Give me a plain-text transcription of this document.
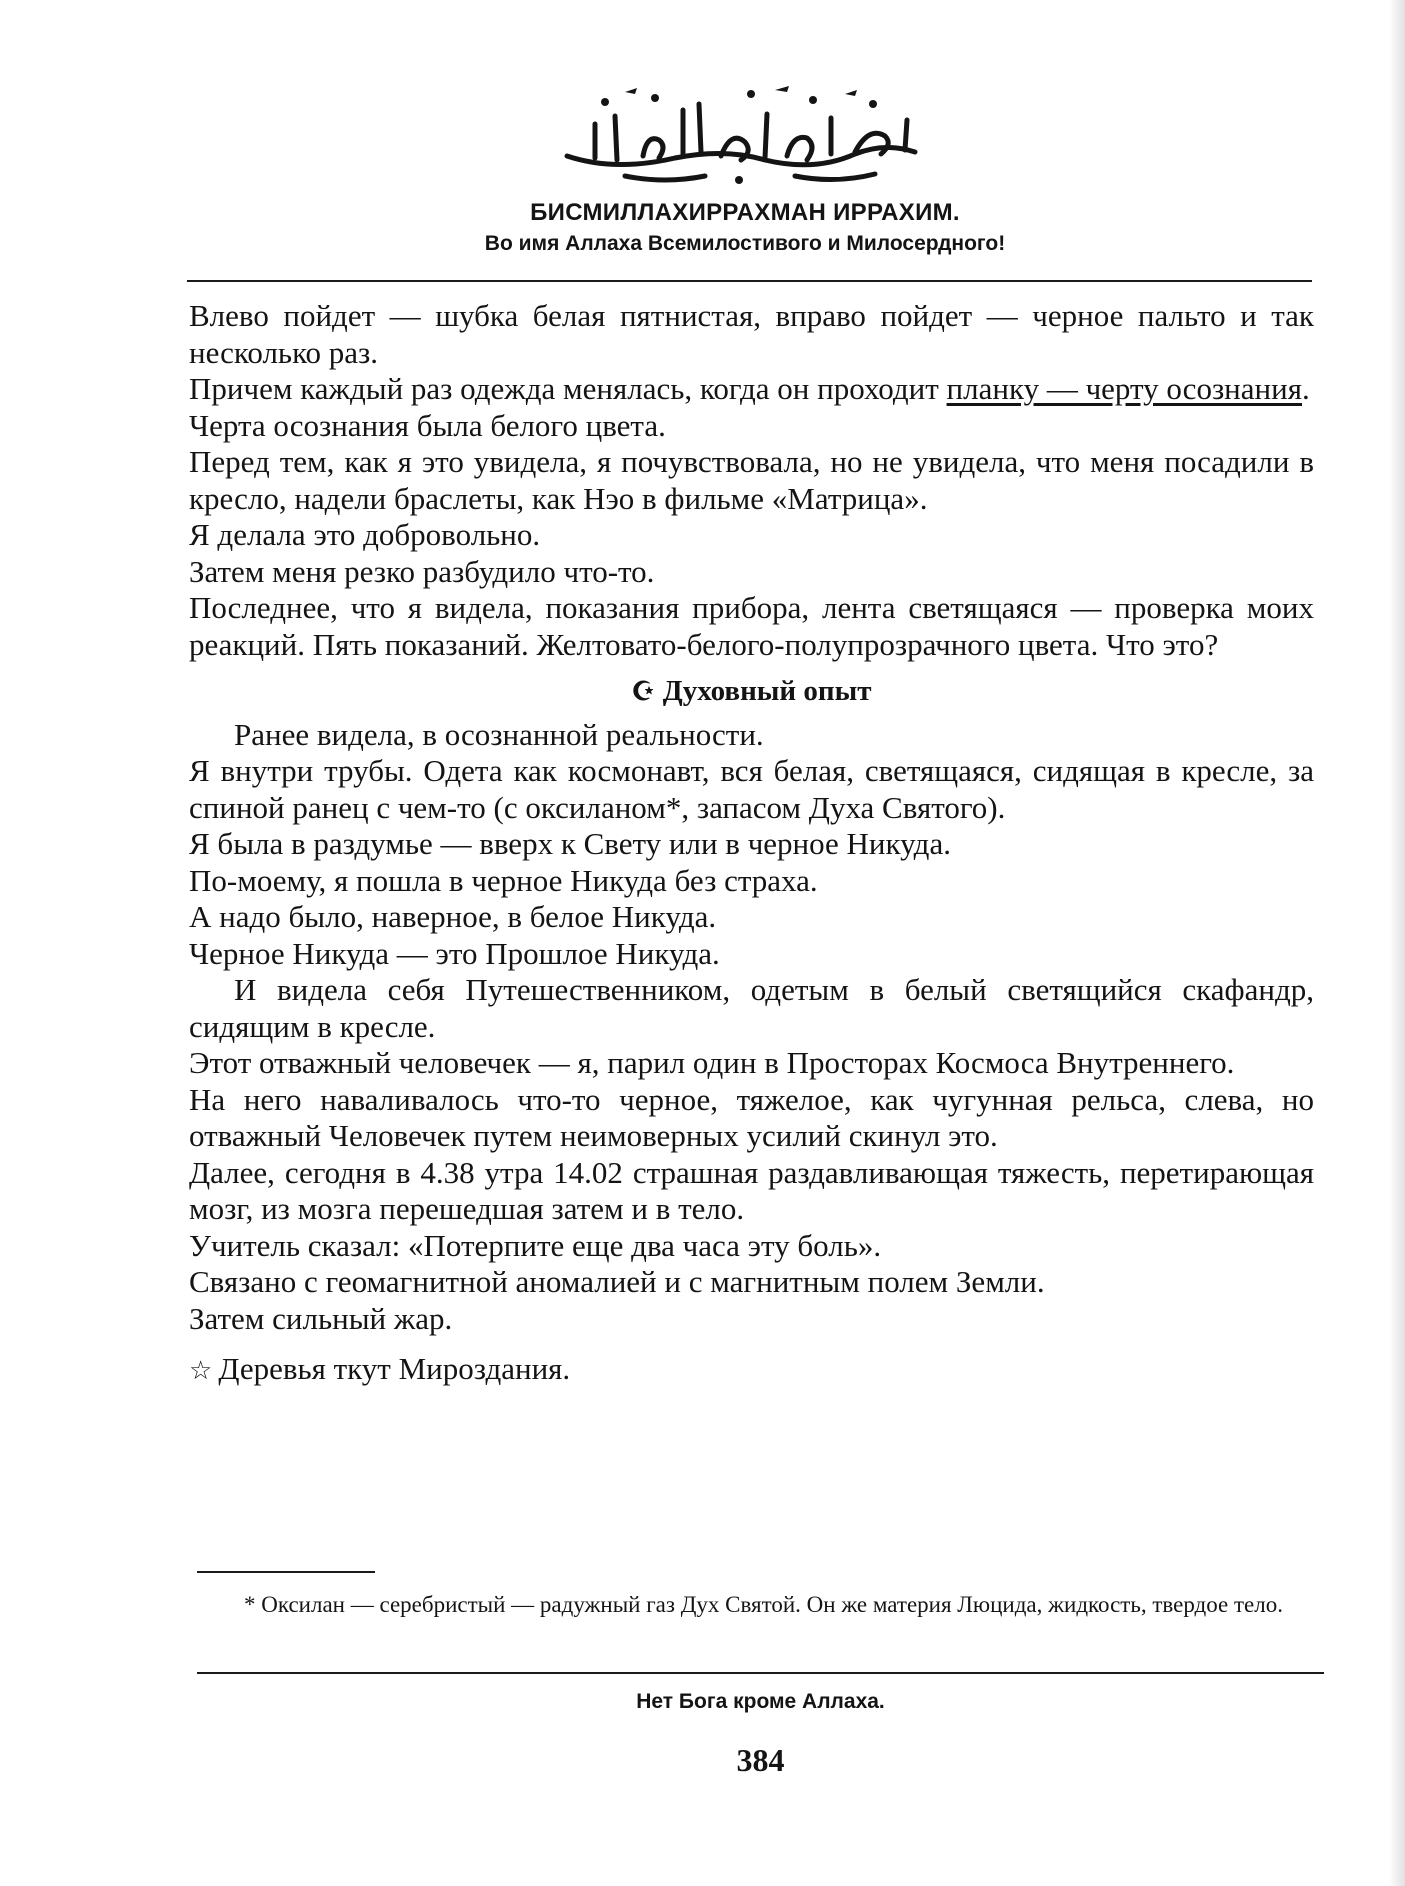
БИСМИЛЛАХИРРАХМАН ИРРАХИМ.
Во имя Аллаха Всемилостивого и Милосердного!

Влево пойдет — шубка белая пятнистая, вправо пойдет — черное пальто и так несколько раз.

Причем каждый раз одежда менялась, когда он проходит планку — черту осознания.

Черта осознания была белого цвета.

Перед тем, как я это увидела, я почувствовала, но не увидела, что меня посадили в кресло, надели браслеты, как Нэо в фильме «Матрица».

Я делала это добровольно.

Затем меня резко разбудило что-то.

Последнее, что я видела, показания прибора, лента светящаяся — проверка моих реакций. Пять показаний. Желтовато-белого-полупрозрачного цвета. Что это?

☪ Духовный опыт

Ранее видела, в осознанной реальности.

Я внутри трубы. Одета как космонавт, вся белая, светящаяся, сидящая в кресле, за спиной ранец с чем-то (с оксиланом*, запасом Духа Святого).

Я была в раздумье — вверх к Свету или в черное Никуда.

По-моему, я пошла в черное Никуда без страха.

А надо было, наверное, в белое Никуда.

Черное Никуда — это Прошлое Никуда.

И видела себя Путешественником, одетым в белый светящийся скафандр, сидящим в кресле.

Этот отважный человечек — я, парил один в Просторах Космоса Внутреннего.

На него наваливалось что-то черное, тяжелое, как чугунная рельса, слева, но отважный Человечек путем неимоверных усилий скинул это.

Далее, сегодня в 4.38 утра 14.02 страшная раздавливающая тяжесть, перетирающая мозг, из мозга перешедшая затем и в тело.

Учитель сказал: «Потерпите еще два часа эту боль».

Связано с геомагнитной аномалией и с магнитным полем Земли.

Затем сильный жар.

☆ Деревья ткут Мироздания.

* Оксилан — серебристый — радужный газ Дух Святой. Он же материя Люцида, жидкость, твердое тело.

Нет Бога кроме Аллаха.
384
